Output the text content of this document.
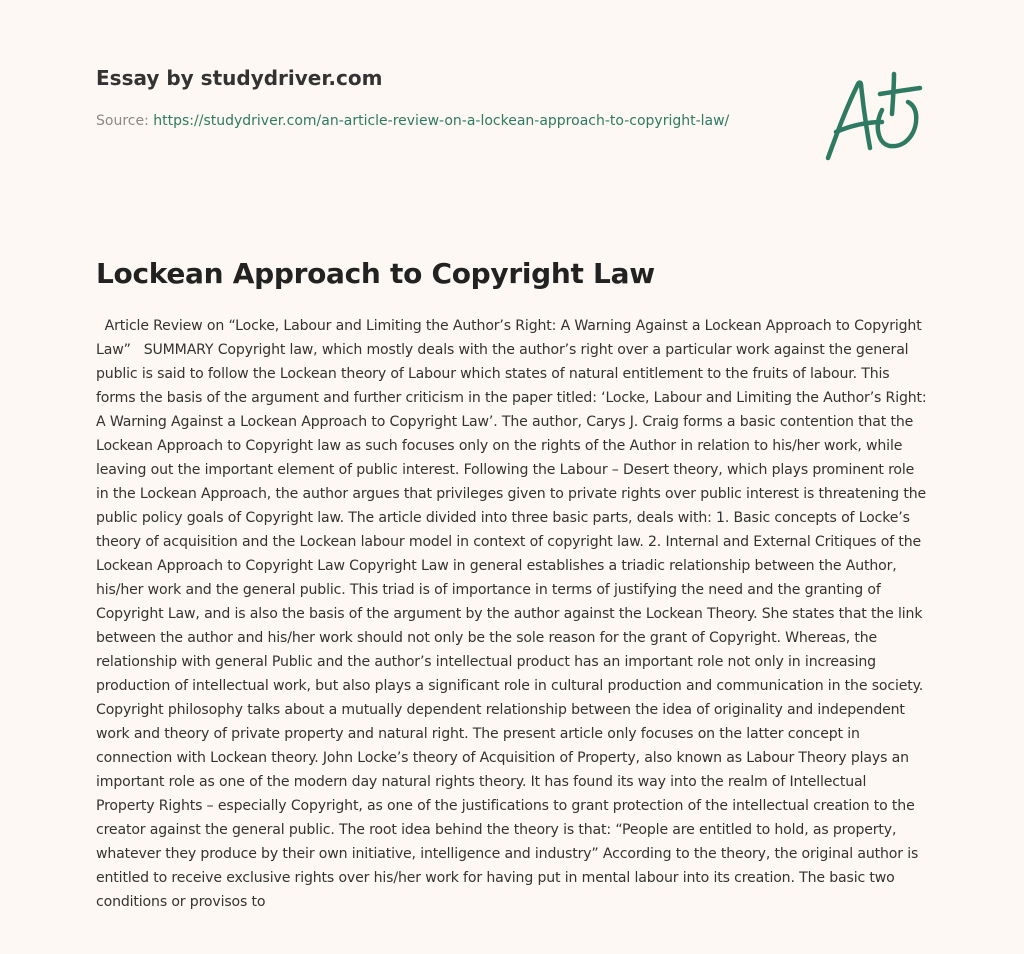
Essay by studydriver.com
Source: https://studydriver.com/an-article-review-on-a-lockean-approach-to-copyright-law/
Lockean Approach to Copyright Law
Article Review on “Locke, Labour and Limiting the Author’s Right: A Warning Against a Lockean Approach to Copyright Law”   SUMMARY Copyright law, which mostly deals with the author’s right over a particular work against the general public is said to follow the Lockean theory of Labour which states of natural entitlement to the fruits of labour. This forms the basis of the argument and further criticism in the paper titled: ‘Locke, Labour and Limiting the Author’s Right: A Warning Against a Lockean Approach to Copyright Law’. The author, Carys J. Craig forms a basic contention that the Lockean Approach to Copyright law as such focuses only on the rights of the Author in relation to his/her work, while leaving out the important element of public interest. Following the Labour – Desert theory, which plays prominent role in the Lockean Approach, the author argues that privileges given to private rights over public interest is threatening the public policy goals of Copyright law. The article divided into three basic parts, deals with: 1. Basic concepts of Locke’s theory of acquisition and the Lockean labour model in context of copyright law. 2. Internal and External Critiques of the Lockean Approach to Copyright Law Copyright Law in general establishes a triadic relationship between the Author, his/her work and the general public. This triad is of importance in terms of justifying the need and the granting of Copyright Law, and is also the basis of the argument by the author against the Lockean Theory. She states that the link between the author and his/her work should not only be the sole reason for the grant of Copyright. Whereas, the relationship with general Public and the author’s intellectual product has an important role not only in increasing production of intellectual work, but also plays a significant role in cultural production and communication in the society. Copyright philosophy talks about a mutually dependent relationship between the idea of originality and independent work and theory of private property and natural right. The present article only focuses on the latter concept in connection with Lockean theory. John Locke’s theory of Acquisition of Property, also known as Labour Theory plays an important role as one of the modern day natural rights theory. It has found its way into the realm of Intellectual Property Rights – especially Copyright, as one of the justifications to grant protection of the intellectual creation to the creator against the general public. The root idea behind the theory is that: “People are entitled to hold, as property, whatever they produce by their own initiative, intelligence and industry” According to the theory, the original author is entitled to receive exclusive rights over his/her work for having put in mental labour into its creation. The basic two conditions or provisos to
